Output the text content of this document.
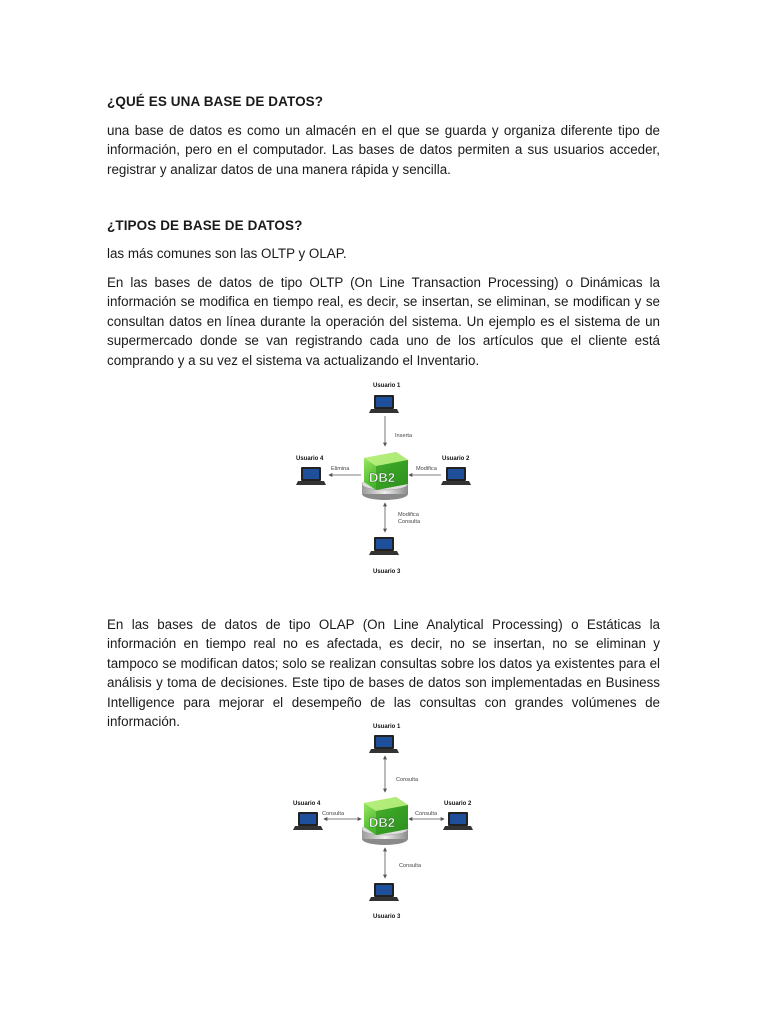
¿QUÉ ES UNA BASE DE DATOS?
una base de datos es como un almacén en el que se guarda y organiza diferente tipo de información, pero en el computador. Las bases de datos permiten a sus usuarios acceder, registrar y analizar datos de una manera rápida y sencilla.
¿TIPOS DE BASE DE DATOS?
las más comunes son las OLTP y OLAP.
En las bases de datos de tipo OLTP (On Line Transaction Processing) o Dinámicas la información se modifica en tiempo real, es decir, se insertan, se eliminan, se modifican y se consultan datos en línea durante la operación del sistema. Un ejemplo es el sistema de un supermercado donde se van registrando cada uno de los artículos que el cliente está comprando y a su vez el sistema va actualizando el Inventario.
Usuario 1
Usuario 4	Usuario 2
Usuario 3
Inserta
Elimina	Modifica
Modifica
Consulta
DB2
En las bases de datos de tipo OLAP (On Line Analytical Processing) o Estáticas la información en tiempo real no es afectada, es decir, no se insertan, no se eliminan y tampoco se modifican datos; solo se realizan consultas sobre los datos ya existentes para el análisis y toma de decisiones. Este tipo de bases de datos son implementadas en Business Intelligence para mejorar el desempeño de las consultas con grandes volúmenes de información.	Usuario 1
Usuario 4	Usuario 2
Usuario 3
Consulta
Consulta	Consulta
Consulta
DB2
